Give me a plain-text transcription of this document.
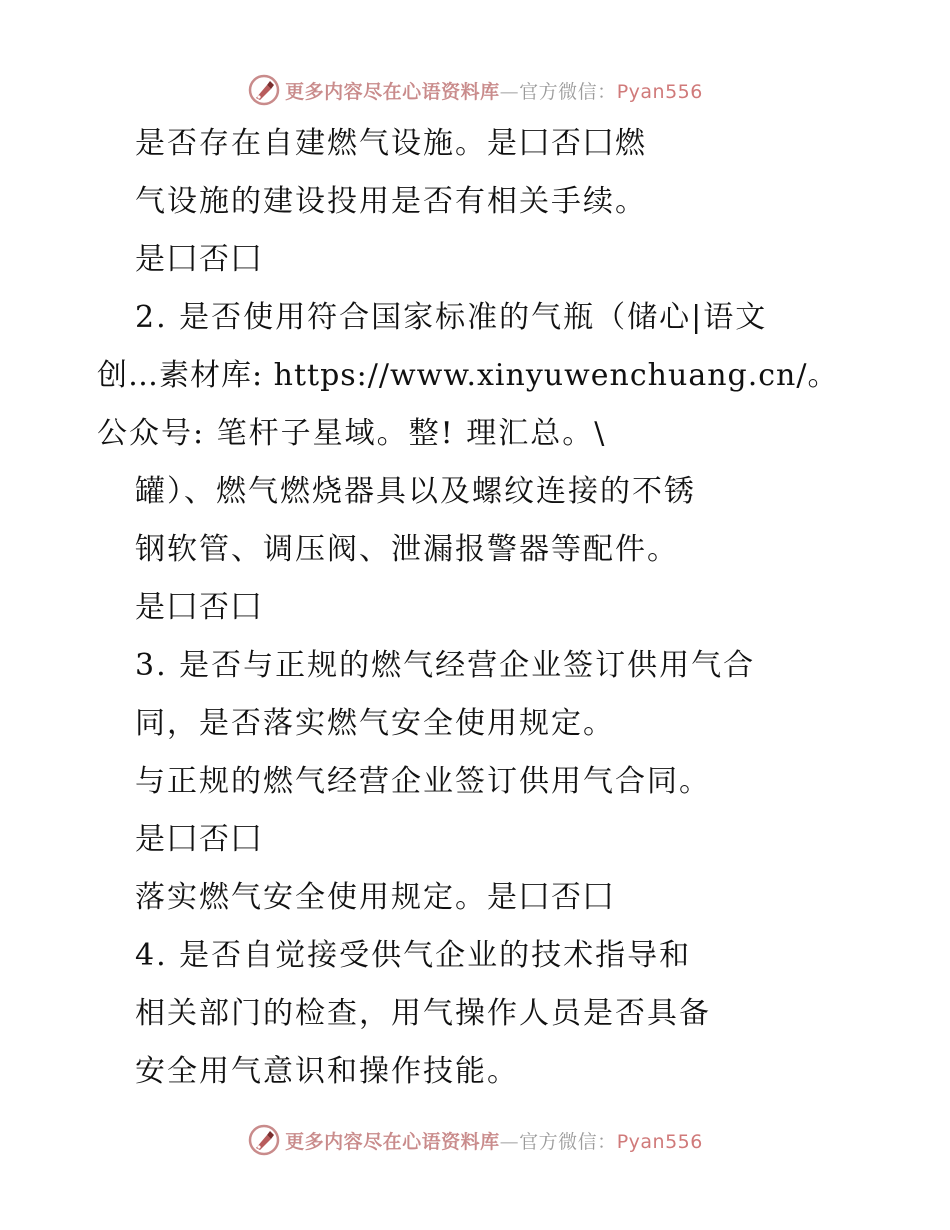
更多内容尽在心语资料库—官方微信：Pyan556
是否存在自建燃气设施。是囗否囗燃
气设施的建设投用是否有相关手续。
是囗否囗
2. 是否使用符合国家标准的气瓶（储心|语文
创…素材库: https://www.xinyuwenchuang.cn/。
公众号: 笔杆子星域。整! 理汇总。\
罐）、燃气燃烧器具以及螺纹连接的不锈
钢软管、调压阀、泄漏报警器等配件。
是囗否囗
3. 是否与正规的燃气经营企业签订供用气合
同，是否落实燃气安全使用规定。
与正规的燃气经营企业签订供用气合同。
是囗否囗
落实燃气安全使用规定。是囗否囗
4. 是否自觉接受供气企业的技术指导和
相关部门的检查，用气操作人员是否具备
安全用气意识和操作技能。
更多内容尽在心语资料库—官方微信：Pyan556
